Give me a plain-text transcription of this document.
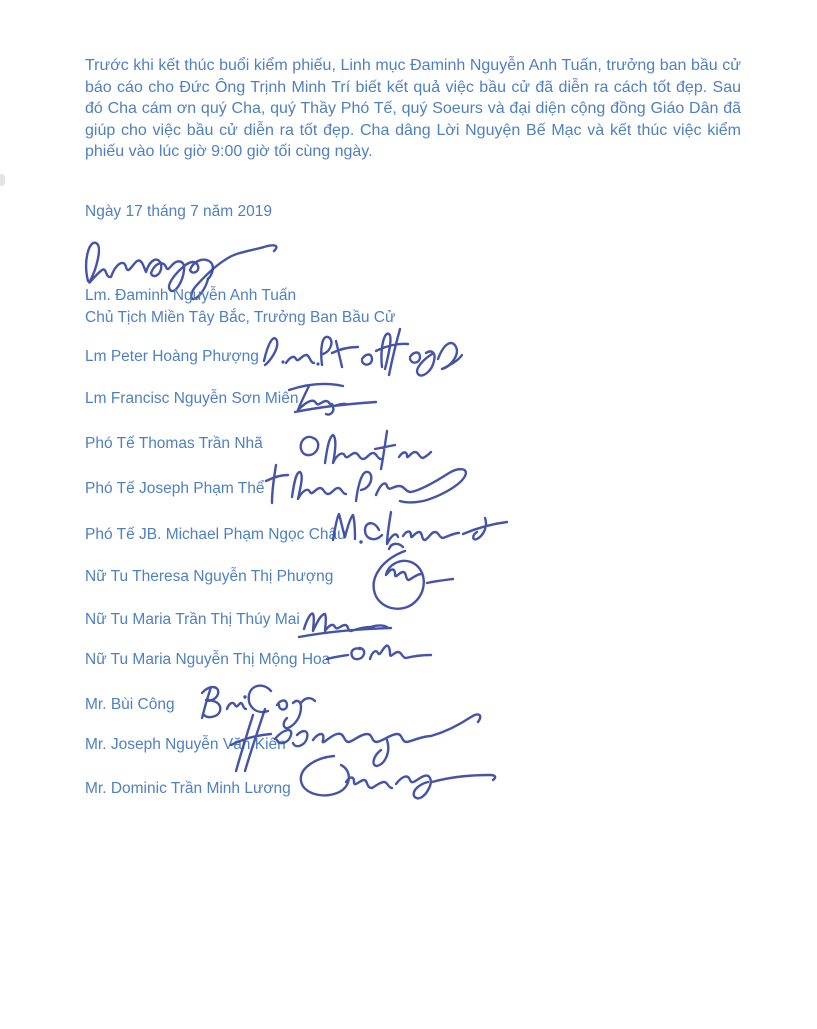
Trước khi kết thúc buổi kiểm phiếu, Linh mục Đaminh Nguyễn Anh Tuấn, trưởng ban bầu cử báo cáo cho Đức Ông Trịnh Minh Trí biết kết quả việc bầu cử đã diễn ra cách tốt đẹp. Sau đó Cha cám ơn quý Cha, quý Thầy Phó Tế, quý Soeurs và đại diện cộng đồng Giáo Dân đã giúp cho việc bầu cử diễn ra tốt đẹp. Cha dâng Lời Nguyện Bế Mạc và kết thúc việc kiểm phiếu vào lúc giờ 9:00 giờ tối cùng ngày.

Ngày 17 tháng 7 năm 2019
Lm. Đaminh Nguyễn Anh Tuấn
Chủ Tịch Miền Tây Bắc, Trưởng Ban Bầu Cử
Lm Peter Hoàng Phượng
Lm Francisc Nguyễn Sơn Miên
Phó Tế Thomas Trần Nhã
Phó Tế Joseph Phạm Thể
Phó Tế JB. Michael Phạm Ngọc Châu
Nữ Tu Theresa Nguyễn Thị Phượng
Nữ Tu Maria Trần Thị Thúy Mai
Nữ Tu Maria Nguyễn Thị Mộng Hoa
Mr. Bùi Công
Mr. Joseph Nguyễn Văn Kiên
Mr. Dominic Trần Minh Lương
